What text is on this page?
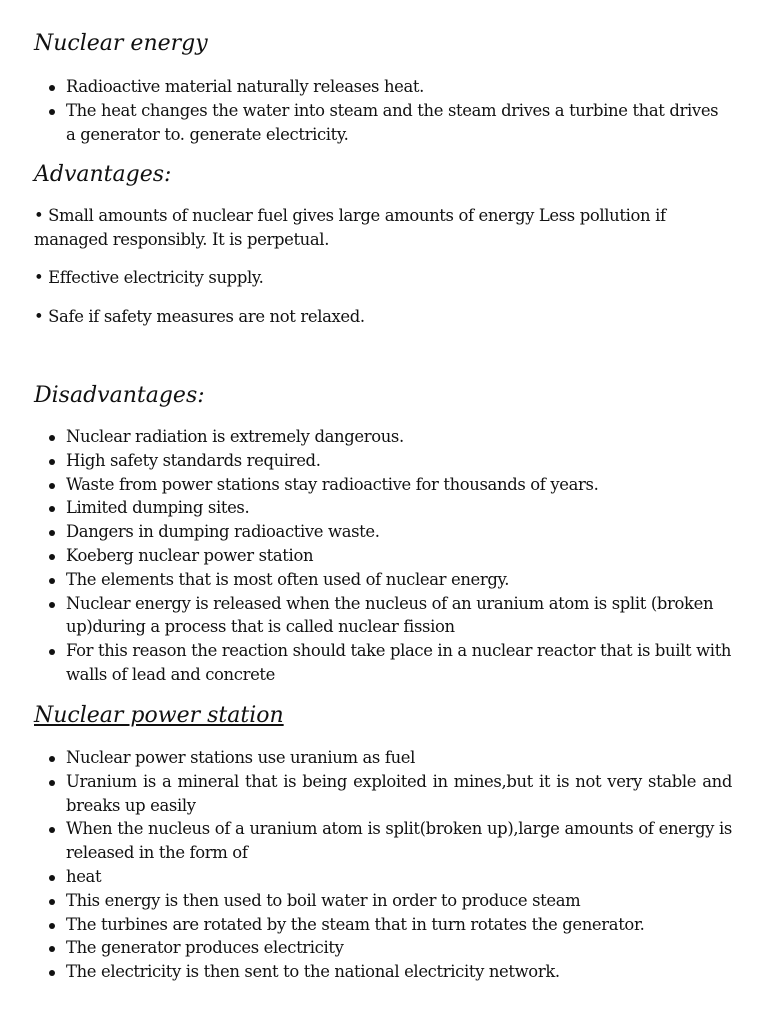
Nuclear energy
Radioactive material naturally releases heat.
The heat changes the water into steam and the steam drives a turbine that drives a generator to. generate electricity.
Advantages:

• Small amounts of nuclear fuel gives large amounts of energy Less pollution if managed responsibly. It is perpetual.

• Effective electricity supply.

• Safe if safety measures are not relaxed.

Disadvantages:
Nuclear radiation is extremely dangerous.
High safety standards required.
Waste from power stations stay radioactive for thousands of years.
Limited dumping sites.
Dangers in dumping radioactive waste.
Koeberg nuclear power station
The elements that is most often used of nuclear energy.
Nuclear energy is released when the nucleus of an uranium atom is split (broken up)during a process that is called nuclear fission
For this reason the reaction should take place in a nuclear reactor that is built with walls of lead and concrete
Nuclear power station
Nuclear power stations use uranium as fuel
Uranium is a mineral that is being exploited in mines,but it is not very stable and breaks up easily
When the nucleus of a uranium atom is split(broken up),large amounts of energy is released in the form of
heat
This energy is then used to boil water in order to produce steam
The turbines are rotated by the steam that in turn rotates the generator.
The generator produces electricity
The electricity is then sent to the national electricity network.
